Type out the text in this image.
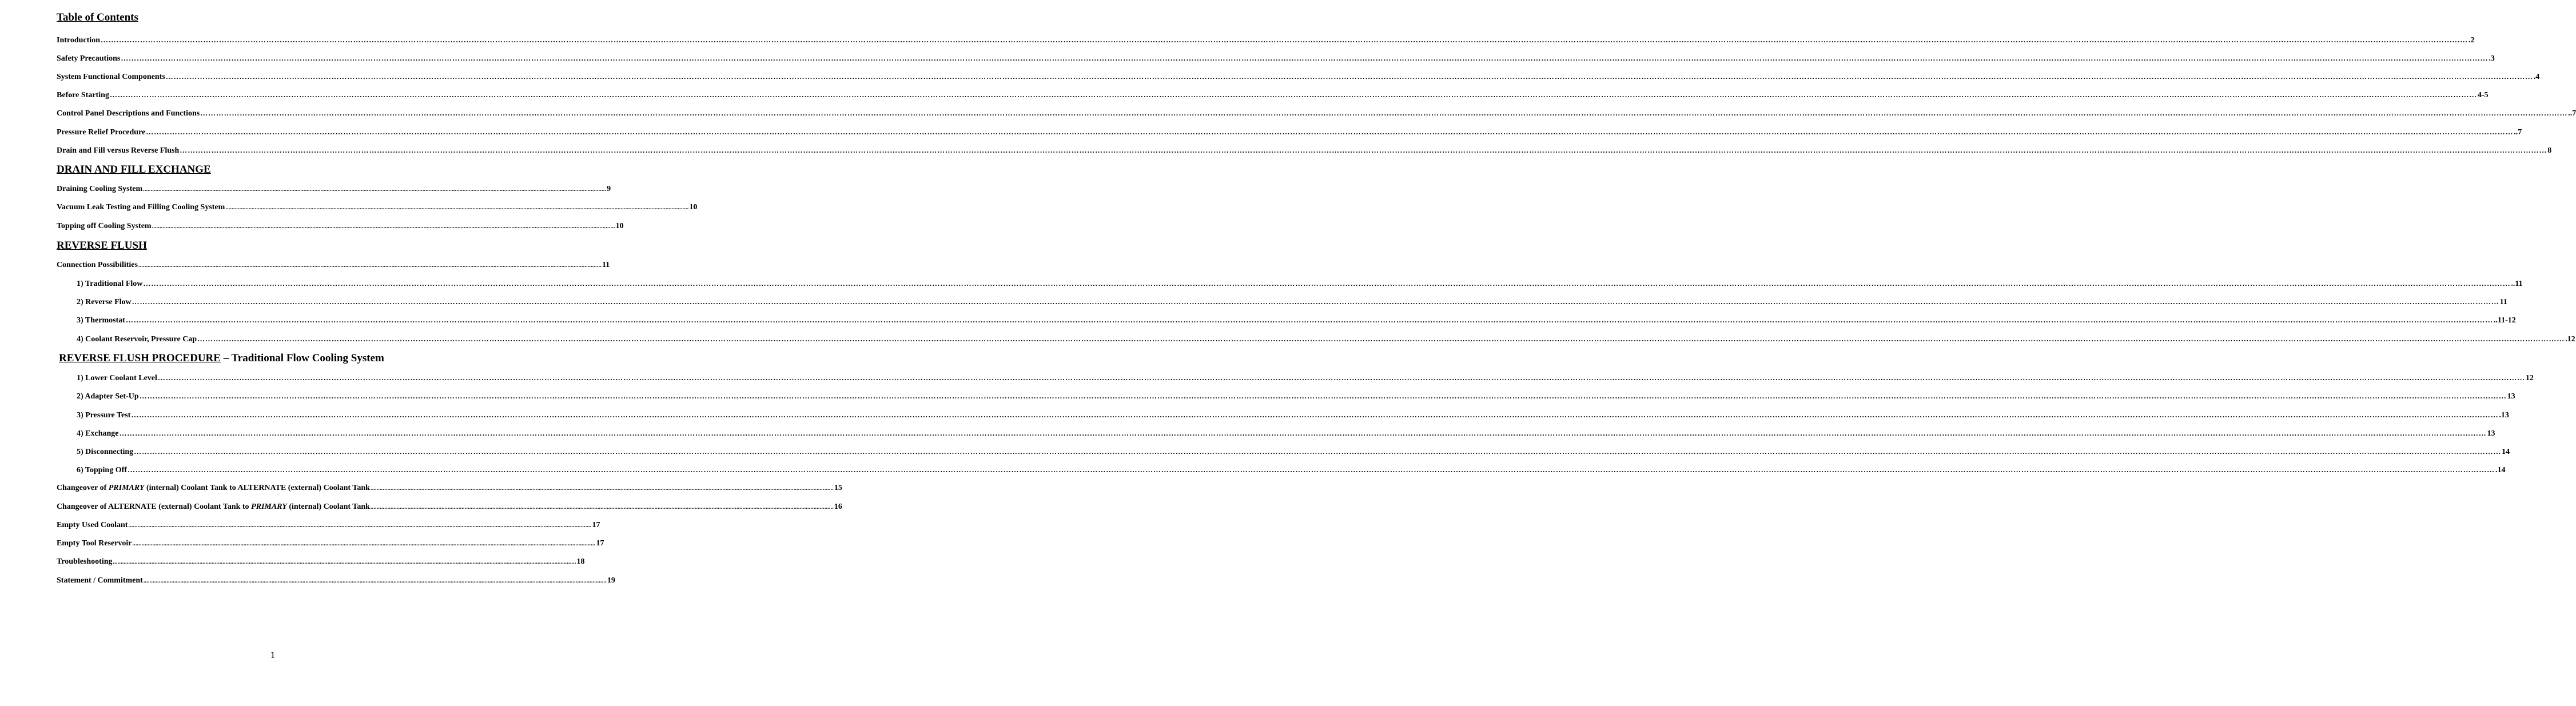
Table of Contents
Introduction ……………………………………………………………………………………………………………………………………………………………………………………………………………………………………………………………………………………………………………………………………………………………………………………………………………………………………………………………………………………………………………………………………………………………………………………………………………………………………………………………………………………………………………………………………………………………………………………………………………………………… .2
Safety Precautions ……………………………………………………………………………………………………………………………………………………………………………………………………………………………………………………………………………………………………………………………………………………………………………………………………………………………………………………………………………………………………………………………………………………………………………………………………………………………………………………………………………………………………………………………………………………………………………………………………………………………… .3
System Functional Components ……………………………………………………………………………………………………………………………………………………………………………………………………………………………………………………………………………………………………………………………………………………………………………………………………………………………………………………………………………………………………………………………………………………………………………………………………………………………………………………………………………………………………………………………………………………………………………………………………………………………… .4
Before Starting ……………………………………………………………………………………………………………………………………………………………………………………………………………………………………………………………………………………………………………………………………………………………………………………………………………………………………………………………………………………………………………………………………………………………………………………………………………………………………………………………………………………………………………………………………………………………………………………………………………………………… 4-5
Control Panel Descriptions and Functions ……………………………………………………………………………………………………………………………………………………………………………………………………………………………………………………………………………………………………………………………………………………………………………………………………………………………………………………………………………………………………………………………………………………………………………………………………………………………………………………………………………………………………………………………………………………………………………………………………………………………… ..7
Pressure Relief Procedure ……………………………………………………………………………………………………………………………………………………………………………………………………………………………………………………………………………………………………………………………………………………………………………………………………………………………………………………………………………………………………………………………………………………………………………………………………………………………………………………………………………………………………………………………………………………………………………………………………………………………… ..7
Drain and Fill versus Reverse Flush ……………………………………………………………………………………………………………………………………………………………………………………………………………………………………………………………………………………………………………………………………………………………………………………………………………………………………………………………………………………………………………………………………………………………………………………………………………………………………………………………………………………………………………………………………………………………………………………………………………………………… 8
DRAIN AND FILL EXCHANGE
Draining Cooling System ............................................................................................................................................................................................................................................................................................................ 9
Vacuum Leak Testing and Filling Cooling System ............................................................................................................................................................................................................................................................................................................ 10
Topping off Cooling System ............................................................................................................................................................................................................................................................................................................ 10
REVERSE FLUSH
Connection Possibilities ............................................................................................................................................................................................................................................................................................................ 11
1) Traditional Flow ……………………………………………………………………………………………………………………………………………………………………………………………………………………………………………………………………………………………………………………………………………………………………………………………………………………………………………………………………………………………………………………………………………………………………………………………………………………………………………………………………………………………………………………………………………………………………………………………………………………………… ..11
2) Reverse Flow ……………………………………………………………………………………………………………………………………………………………………………………………………………………………………………………………………………………………………………………………………………………………………………………………………………………………………………………………………………………………………………………………………………………………………………………………………………………………………………………………………………………………………………………………………………………………………………………………………………………………… 11
3) Thermostat ……………………………………………………………………………………………………………………………………………………………………………………………………………………………………………………………………………………………………………………………………………………………………………………………………………………………………………………………………………………………………………………………………………………………………………………………………………………………………………………………………………………………………………………………………………………………………………………………………………………………… ..11-12
4) Coolant Reservoir, Pressure Cap ……………………………………………………………………………………………………………………………………………………………………………………………………………………………………………………………………………………………………………………………………………………………………………………………………………………………………………………………………………………………………………………………………………………………………………………………………………………………………………………………………………………………………………………………………………………………………………………………………………………………… .12
REVERSE FLUSH PROCEDURE – Traditional Flow Cooling System
1) Lower Coolant Level ……………………………………………………………………………………………………………………………………………………………………………………………………………………………………………………………………………………………………………………………………………………………………………………………………………………………………………………………………………………………………………………………………………………………………………………………………………………………………………………………………………………………………………………………………………………………………………………………………………………………… 12
2) Adapter Set-Up ……………………………………………………………………………………………………………………………………………………………………………………………………………………………………………………………………………………………………………………………………………………………………………………………………………………………………………………………………………………………………………………………………………………………………………………………………………………………………………………………………………………………………………………………………………………………………………………………………………………………… 13
3) Pressure Test ……………………………………………………………………………………………………………………………………………………………………………………………………………………………………………………………………………………………………………………………………………………………………………………………………………………………………………………………………………………………………………………………………………………………………………………………………………………………………………………………………………………………………………………………………………………………………………………………………………………………… .13
4) Exchange ……………………………………………………………………………………………………………………………………………………………………………………………………………………………………………………………………………………………………………………………………………………………………………………………………………………………………………………………………………………………………………………………………………………………………………………………………………………………………………………………………………………………………………………………………………………………………………………………………………………………… 13
5) Disconnecting ……………………………………………………………………………………………………………………………………………………………………………………………………………………………………………………………………………………………………………………………………………………………………………………………………………………………………………………………………………………………………………………………………………………………………………………………………………………………………………………………………………………………………………………………………………………………………………………………………………………………… 14
6) Topping Off ……………………………………………………………………………………………………………………………………………………………………………………………………………………………………………………………………………………………………………………………………………………………………………………………………………………………………………………………………………………………………………………………………………………………………………………………………………………………………………………………………………………………………………………………………………………………………………………………………………………………… .14
Changeover of PRIMARY (internal) Coolant Tank to ALTERNATE (external) Coolant Tank ............................................................................................................................................................................................................................................................................................................ 15
Changeover of ALTERNATE (external) Coolant Tank to PRIMARY (internal) Coolant Tank ............................................................................................................................................................................................................................................................................................................ 16
Empty Used Coolant ............................................................................................................................................................................................................................................................................................................ 17
Empty Tool Reservoir ............................................................................................................................................................................................................................................................................................................ 17
Troubleshooting ............................................................................................................................................................................................................................................................................................................ 18
Statement / Commitment ............................................................................................................................................................................................................................................................................................................ 19
1
